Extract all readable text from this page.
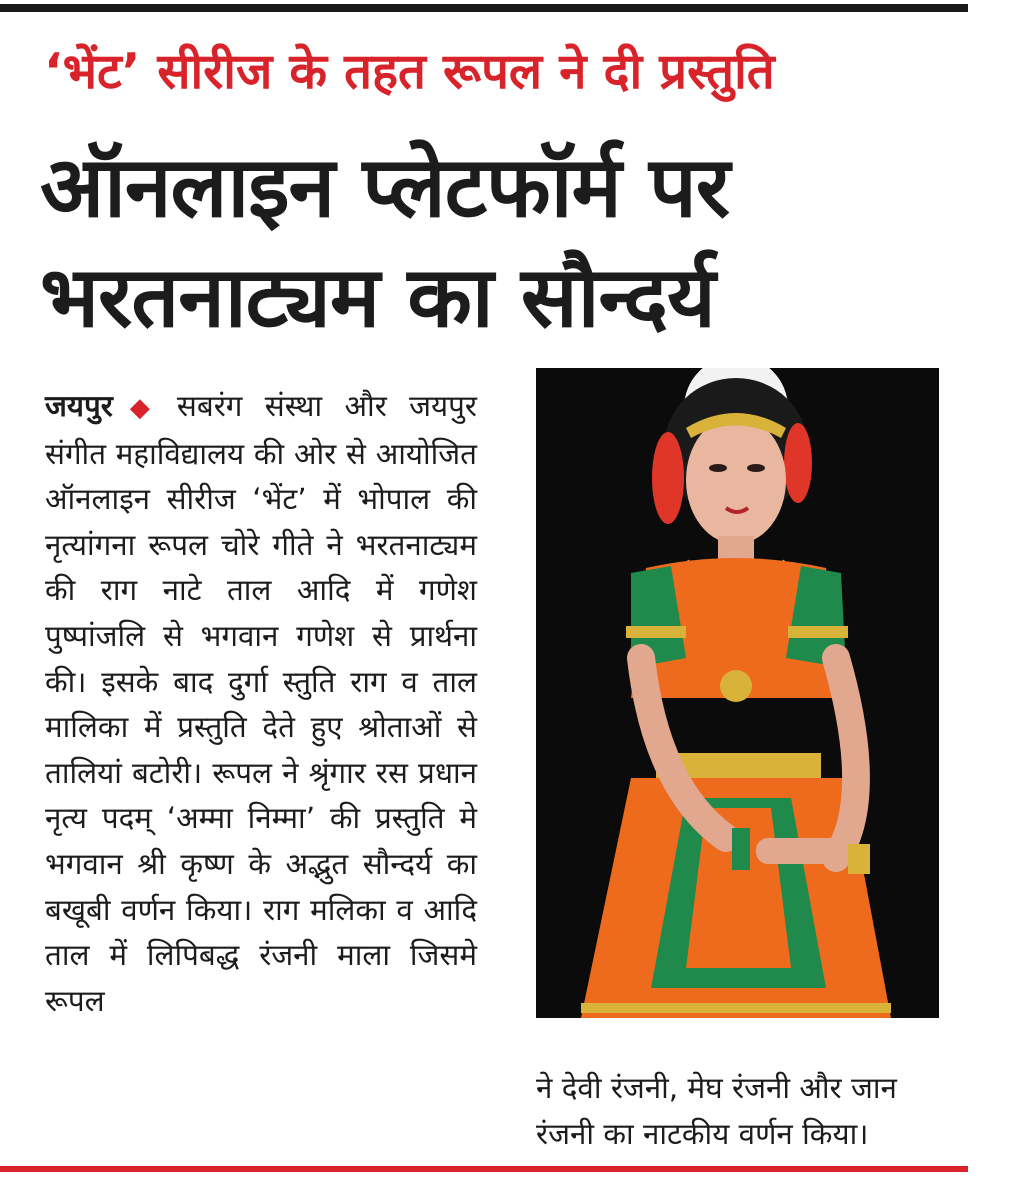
‘भेंट’ सीरीज के तहत रूपल ने दी प्रस्तुति
ऑनलाइन प्लेटफॉर्म पर
भरतनाट्यम का सौन्दर्य
जयपुर ◆ सबरंग संस्था और जयपुर संगीत महाविद्यालय की ओर से आयोजित ऑनलाइन सीरीज ‘भेंट’ में भोपाल की नृत्यांगना रूपल चोरे गीते ने भरतनाट्यम की राग नाटे ताल आदि में गणेश पुष्पांजलि से भगवान गणेश से प्रार्थना की। इसके बाद दुर्गा स्तुति राग व ताल मालिका में प्रस्तुति देते हुए श्रोताओं से तालियां बटोरी। रूपल ने श्रृंगार रस प्रधान नृत्य पदम् ‘अम्मा निम्मा’ की प्रस्तुति मे भगवान श्री कृष्ण के अद्भुत सौन्दर्य का बखूबी वर्णन किया। राग मलिका व आदि ताल में लिपिबद्ध रंजनी माला जिसमे रूपल
ने देवी रंजनी, मेघ रंजनी और जान
रंजनी का नाटकीय वर्णन किया।
